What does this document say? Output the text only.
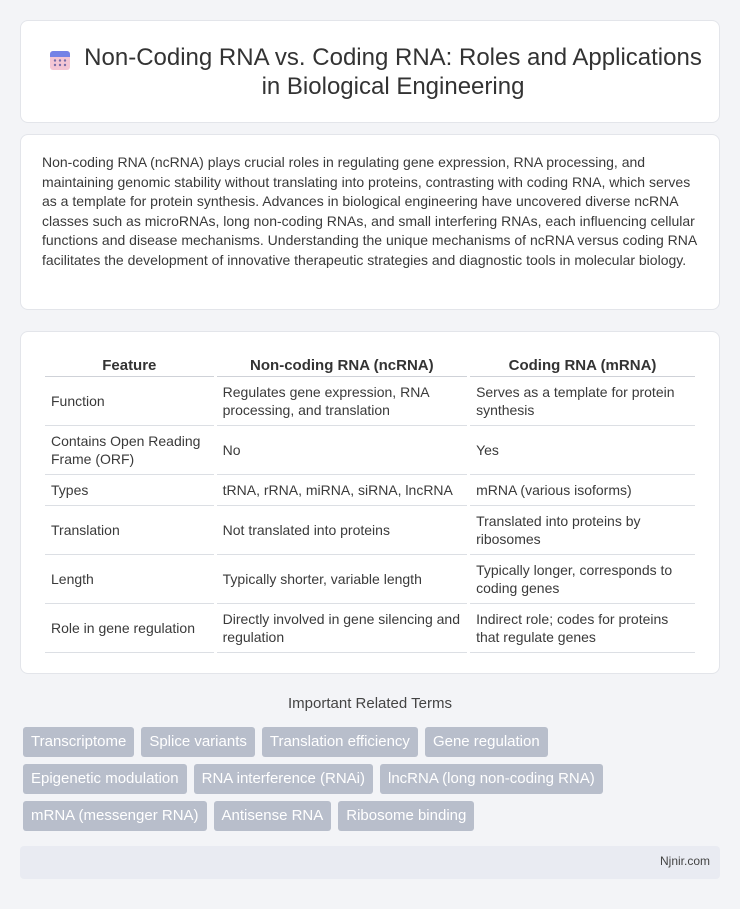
Non-Coding RNA vs. Coding RNA: Roles and Applications in Biological Engineering

Non-coding RNA (ncRNA) plays crucial roles in regulating gene expression, RNA processing, and maintaining genomic stability without translating into proteins, contrasting with coding RNA, which serves as a template for protein synthesis. Advances in biological engineering have uncovered diverse ncRNA classes such as microRNAs, long non-coding RNAs, and small interfering RNAs, each influencing cellular functions and disease mechanisms. Understanding the unique mechanisms of ncRNA versus coding RNA facilitates the development of innovative therapeutic strategies and diagnostic tools in molecular biology.

Feature	Non-coding RNA (ncRNA)	Coding RNA (mRNA)
Function	Regulates gene expression, RNA processing, and translation	Serves as a template for protein synthesis
Contains Open Reading Frame (ORF)	No	Yes
Types	tRNA, rRNA, miRNA, siRNA, lncRNA	mRNA (various isoforms)
Translation	Not translated into proteins	Translated into proteins by ribosomes
Length	Typically shorter, variable length	Typically longer, corresponds to coding genes
Role in gene regulation	Directly involved in gene silencing and regulation	Indirect role; codes for proteins that regulate genes
Important Related Terms
Transcriptome	Splice variants	Translation efficiency	Gene regulation
Epigenetic modulation	RNA interference (RNAi)	lncRNA (long non-coding RNA)
mRNA (messenger RNA)	Antisense RNA	Ribosome binding
Njnir.com
